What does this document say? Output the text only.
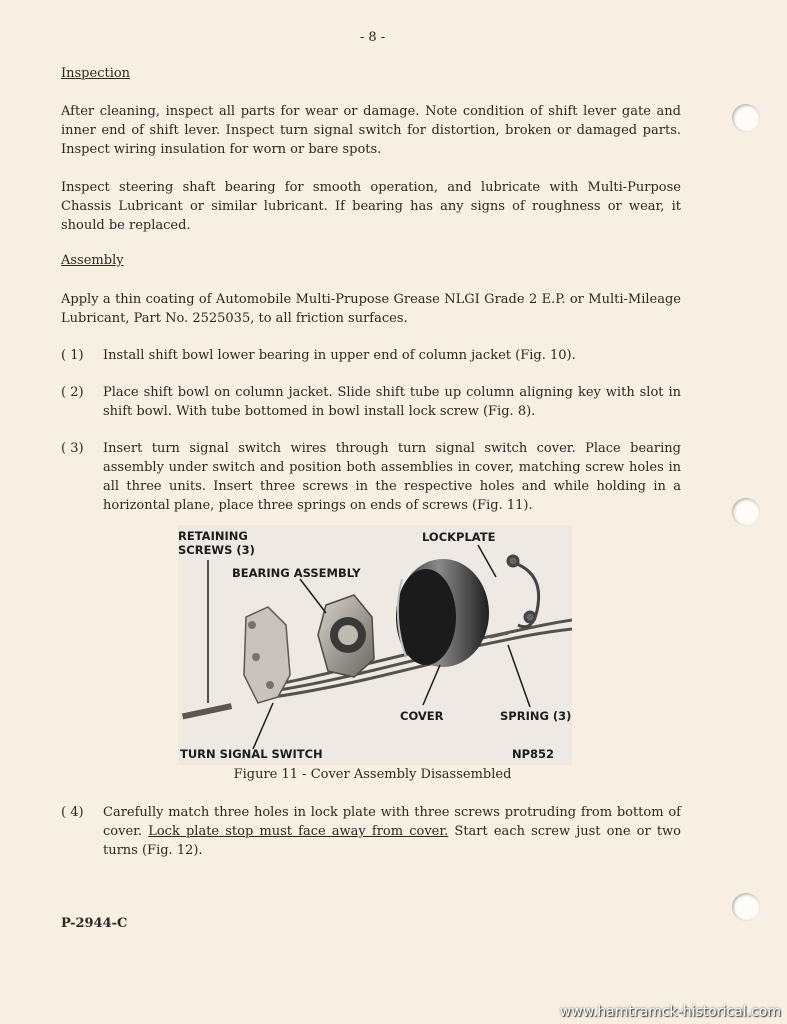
- 8 -
Inspection
After cleaning, inspect all parts for wear or damage. Note condition of shift lever gate and inner end of shift lever. Inspect turn signal switch for distortion, broken or damaged parts. Inspect wiring insulation for worn or bare spots.
Inspect steering shaft bearing for smooth operation, and lubricate with Multi-Purpose Chassis Lubricant or similar lubricant. If bearing has any signs of roughness or wear, it should be replaced.
Assembly
Apply a thin coating of Automobile Multi-Prupose Grease NLGI Grade 2 E.P. or Multi-Mileage Lubricant, Part No. 2525035, to all friction surfaces.
( 1) Install shift bowl lower bearing in upper end of column jacket (Fig. 10).
( 2) Place shift bowl on column jacket. Slide shift tube up column aligning key with slot in shift bowl. With tube bottomed in bowl install lock screw (Fig. 8).
( 3) Insert turn signal switch wires through turn signal switch cover. Place bearing assembly under switch and position both assemblies in cover, matching screw holes in all three units. Insert three screws in the respective holes and while holding in a horizontal plane, place three springs on ends of screws (Fig. 11).
RETAINING
SCREWS (3)
BEARING ASSEMBLY
LOCKPLATE
COVER	SPRING (3)
TURN SIGNAL SWITCH	NP852
Figure 11 - Cover Assembly Disassembled
( 4) Carefully match three holes in lock plate with three screws protruding from bottom of cover. Lock plate stop must face away from cover. Start each screw just one or two turns (Fig. 12).
P-2944-C
www.hamtramck-historical.com
